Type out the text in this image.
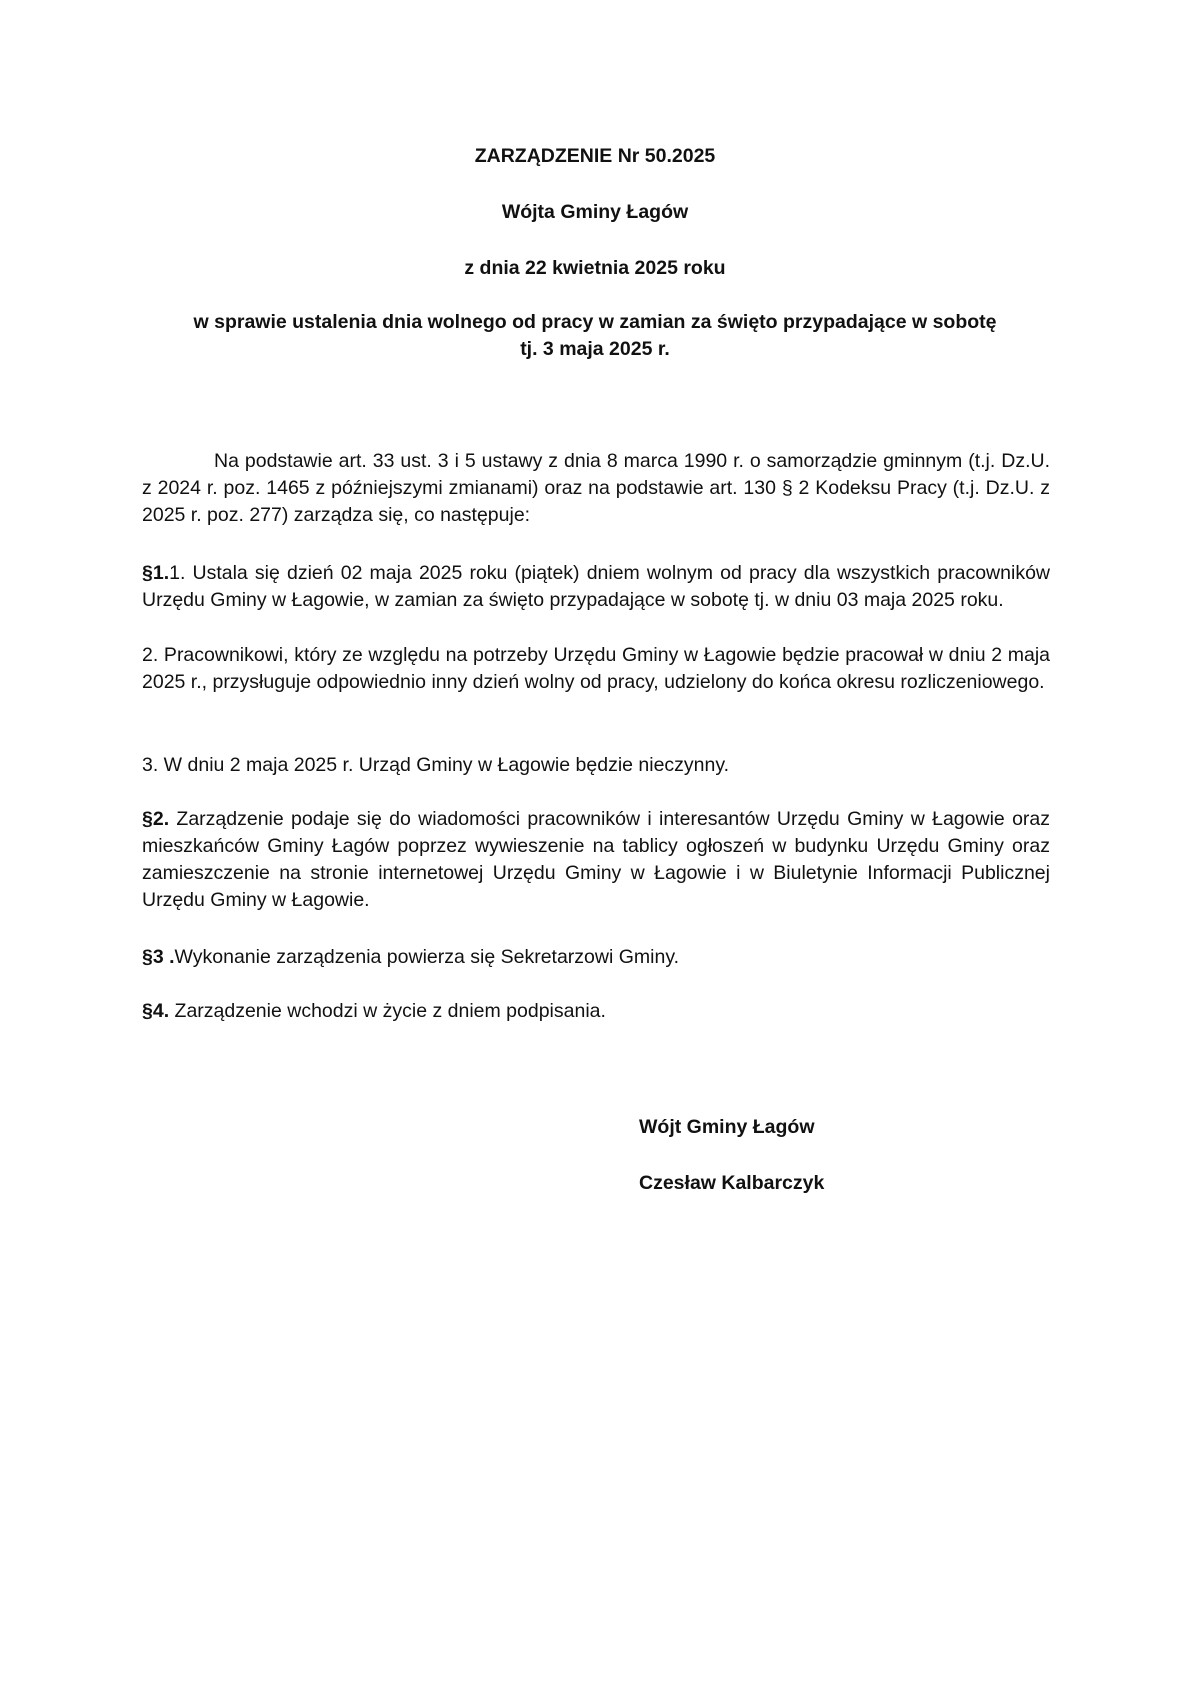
ZARZĄDZENIE Nr 50.2025
Wójta Gminy Łagów
z dnia 22 kwietnia 2025 roku
w sprawie ustalenia dnia wolnego od pracy w zamian za święto przypadające w sobotę
tj. 3 maja 2025 r.
Na podstawie art. 33 ust. 3 i 5 ustawy z dnia 8 marca 1990 r. o samorządzie gminnym (t.j. Dz.U. z 2024 r. poz. 1465 z późniejszymi zmianami) oraz na podstawie art. 130 § 2 Kodeksu Pracy (t.j. Dz.U. z 2025 r. poz. 277) zarządza się, co następuje:
§1.1. Ustala się dzień 02 maja 2025 roku (piątek) dniem wolnym od pracy dla wszystkich pracowników Urzędu Gminy w Łagowie, w zamian za święto przypadające w sobotę tj. w dniu 03 maja 2025 roku.
2. Pracownikowi, który ze względu na potrzeby Urzędu Gminy w Łagowie będzie pracował w dniu 2 maja 2025 r., przysługuje odpowiednio inny dzień wolny od pracy, udzielony do końca okresu rozliczeniowego.
3. W dniu 2 maja 2025 r. Urząd Gminy w Łagowie będzie nieczynny.
§2. Zarządzenie podaje się do wiadomości pracowników i interesantów Urzędu Gminy w Łagowie oraz mieszkańców Gminy Łagów poprzez wywieszenie na tablicy ogłoszeń w budynku Urzędu Gminy oraz zamieszczenie na stronie internetowej Urzędu Gminy w Łagowie i w Biuletynie Informacji Publicznej Urzędu Gminy w Łagowie.
§3 .Wykonanie zarządzenia powierza się Sekretarzowi Gminy.
§4. Zarządzenie wchodzi w życie z dniem podpisania.
Wójt Gminy Łagów
Czesław Kalbarczyk
